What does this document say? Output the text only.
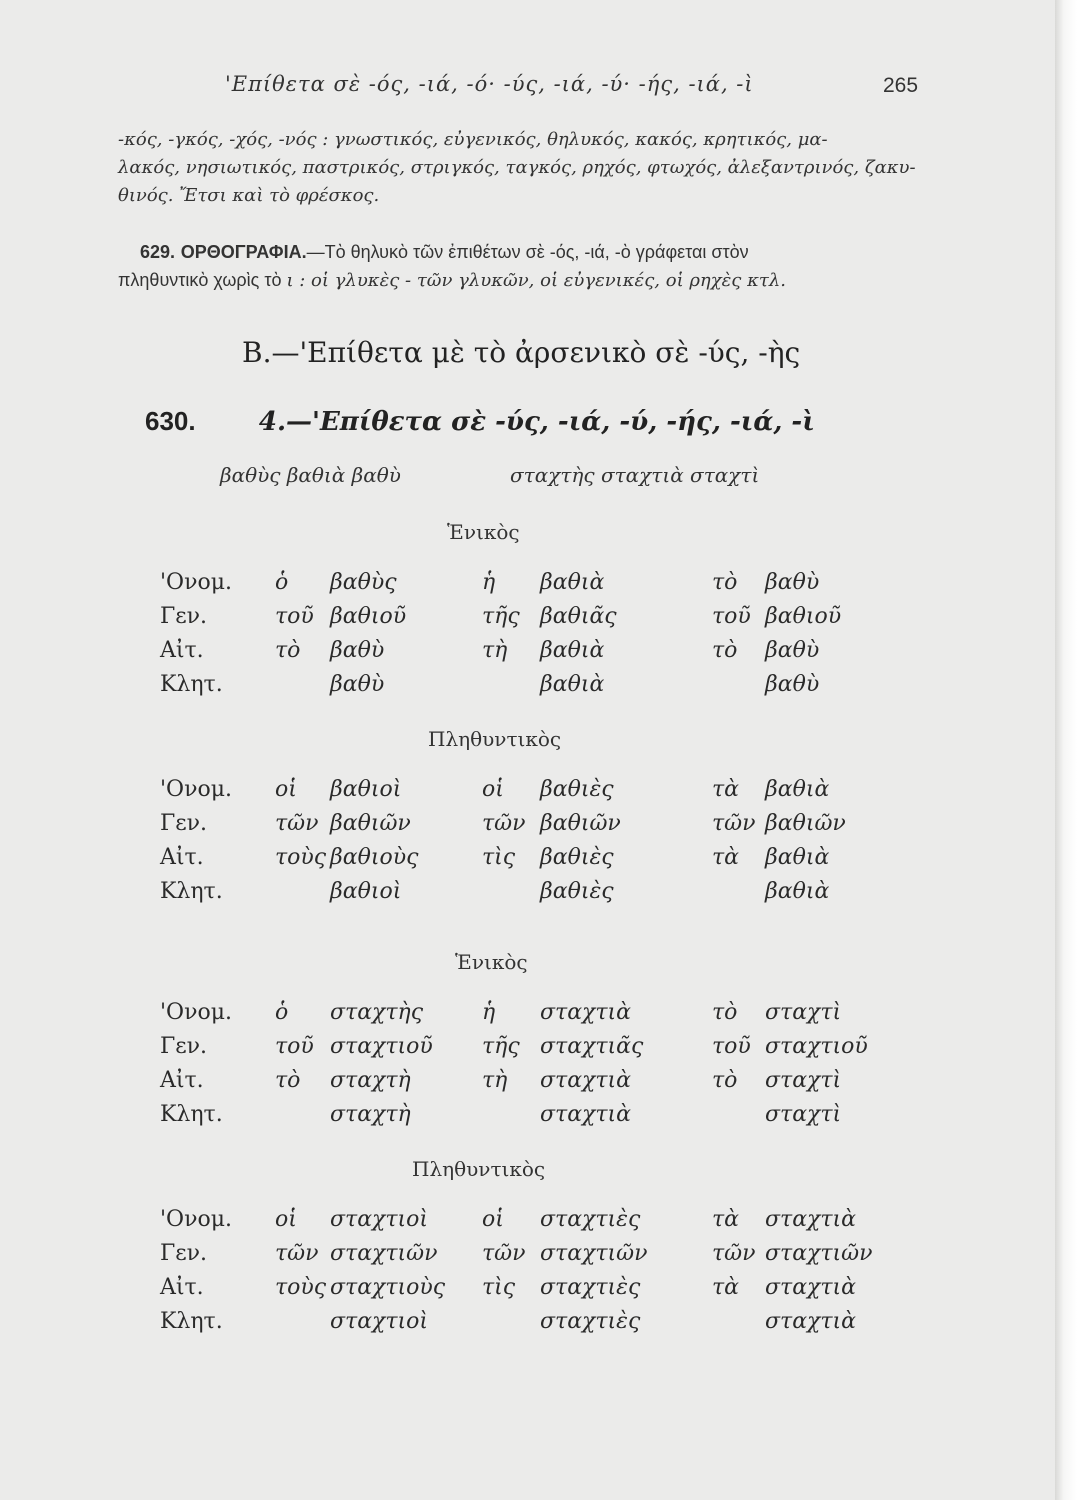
'Επίθετα σὲ -ός, -ιά, -ό· -ύς, -ιά, -ύ· -ής, -ιά, -ὶ	265
-κός, -γκός, -χός, -νός : γνωστικός, εὐγενικός, θηλυκός, κακός, κρητικός, μα-
λακός, νησιωτικός, παστρικός, στριγκός, ταγκός, ρηχός, φτωχός, ἀλεξαντρινός, ζακυ-
θινός. Ἔτσι καὶ τὸ φρέσκος.
629. ΟΡΘΟΓΡΑΦΙΑ.—Τὸ θηλυκὸ τῶν ἐπιθέτων σὲ -ός, -ιά, -ὸ γράφεται στὸν
πληθυντικὸ χωρὶς τὸ ι : οἱ γλυκὲς - τῶν γλυκῶν, οἱ εὐγενικές, οἱ ρηχὲς κτλ.
B.—'Επίθετα μὲ τὸ ἀρσενικὸ σὲ -ύς, -ὴς
630. 4.—'Επίθετα σὲ -ύς, -ιά, -ύ, -ής, -ιά, -ὶ
βαθὺς βαθιὰ βαθὺ	σταχτὴς σταχτιὰ σταχτὶ
Ἑνικὸς
'Ονομ. ὁ βαθὺς	ἡ βαθιὰ	τὸ βαθὺ
Γεν.	τοῦ βαθιοῦ	τῆς βαθιᾶς	τοῦ βαθιοῦ
Αἰτ.	τὸ βαθὺ	τὴ βαθιὰ	τὸ βαθὺ
Κλητ.	βαθὺ	βαθιὰ	βαθὺ
Πληθυντικὸς
'Ονομ. οἱ βαθιοὶ	οἱ βαθιὲς	τὰ βαθιὰ
Γεν.	τῶν βαθιῶν	τῶν βαθιῶν	τῶν βαθιῶν
Αἰτ.	τοὺς βαθιοὺς	τὶς βαθιὲς	τὰ βαθιὰ
Κλητ.	βαθιοὶ	βαθιὲς	βαθιὰ
Ἑνικὸς
'Ονομ. ὁ σταχτὴς	ἡ σταχτιὰ	τὸ σταχτὶ
Γεν.	τοῦ σταχτιοῦ τῆς σταχτιᾶς	τοῦ σταχτιοῦ
Αἰτ.	τὸ σταχτὴ	τὴ σταχτιὰ	τὸ σταχτὶ
Κλητ.	σταχτὴ	σταχτιὰ	σταχτὶ
Πληθυντικὸς
'Ονομ. οἱ σταχτιοὶ οἱ σταχτιὲς	τὰ σταχτιὰ
Γεν.	τῶν σταχτιῶν τῶν σταχτιῶν	τῶν σταχτιῶν
Αἰτ.	τοὺς σταχτιοὺς τὶς σταχτιὲς	τὰ σταχτιὰ
Κλητ.	σταχτιοὶ	σταχτιὲς	σταχτιὰ
